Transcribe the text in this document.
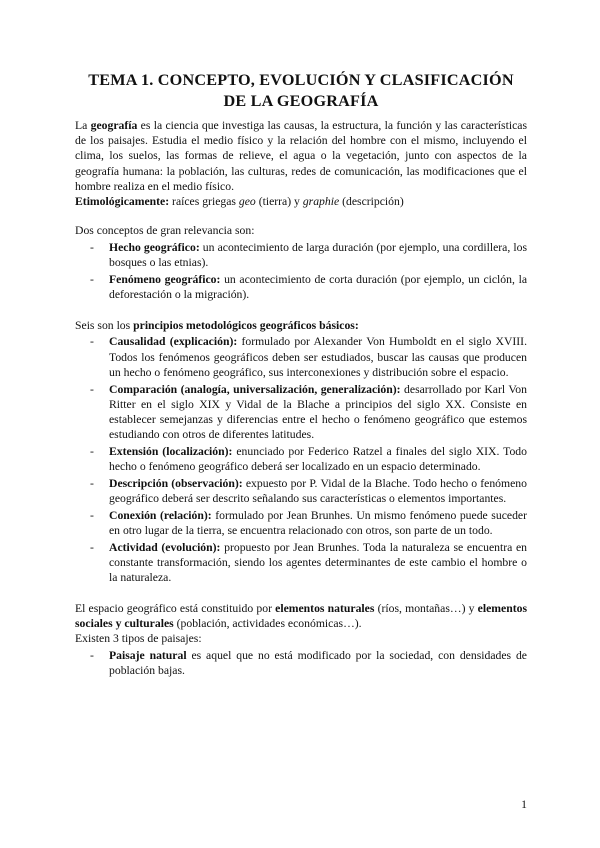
TEMA 1. CONCEPTO, EVOLUCIÓN Y CLASIFICACIÓN
DE LA GEOGRAFÍA

La geografía es la ciencia que investiga las causas, la estructura, la función y las características de los paisajes. Estudia el medio físico y la relación del hombre con el mismo, incluyendo el clima, los suelos, las formas de relieve, el agua o la vegetación, junto con aspectos de la geografía humana: la población, las culturas, redes de comunicación, las modificaciones que el hombre realiza en el medio físico.

Etimológicamente: raíces griegas geo (tierra) y graphie (descripción)

Dos conceptos de gran relevancia son:

- Hecho geográfico: un acontecimiento de larga duración (por ejemplo, una cordillera, los bosques o las etnias).
- Fenómeno geográfico: un acontecimiento de corta duración (por ejemplo, un ciclón, la deforestación o la migración).

Seis son los principios metodológicos geográficos básicos:

- Causalidad (explicación): formulado por Alexander Von Humboldt en el siglo XVIII. Todos los fenómenos geográficos deben ser estudiados, buscar las causas que producen un hecho o fenómeno geográfico, sus interconexiones y distribución sobre el espacio.
- Comparación (analogía, universalización, generalización): desarrollado por Karl Von Ritter en el siglo XIX y Vidal de la Blache a principios del siglo XX. Consiste en establecer semejanzas y diferencias entre el hecho o fenómeno geográfico que estemos estudiando con otros de diferentes latitudes.
- Extensión (localización): enunciado por Federico Ratzel a finales del siglo XIX. Todo hecho o fenómeno geográfico deberá ser localizado en un espacio determinado.
- Descripción (observación): expuesto por P. Vidal de la Blache. Todo hecho o fenómeno geográfico deberá ser descrito señalando sus características o elementos importantes.
- Conexión (relación): formulado por Jean Brunhes. Un mismo fenómeno puede suceder en otro lugar de la tierra, se encuentra relacionado con otros, son parte de un todo.
- Actividad (evolución): propuesto por Jean Brunhes. Toda la naturaleza se encuentra en constante transformación, siendo los agentes determinantes de este cambio el hombre o la naturaleza.

El espacio geográfico está constituido por elementos naturales (ríos, montañas…) y elementos sociales y culturales (población, actividades económicas…).

Existen 3 tipos de paisajes:

- Paisaje natural es aquel que no está modificado por la sociedad, con densidades de población bajas.
1
